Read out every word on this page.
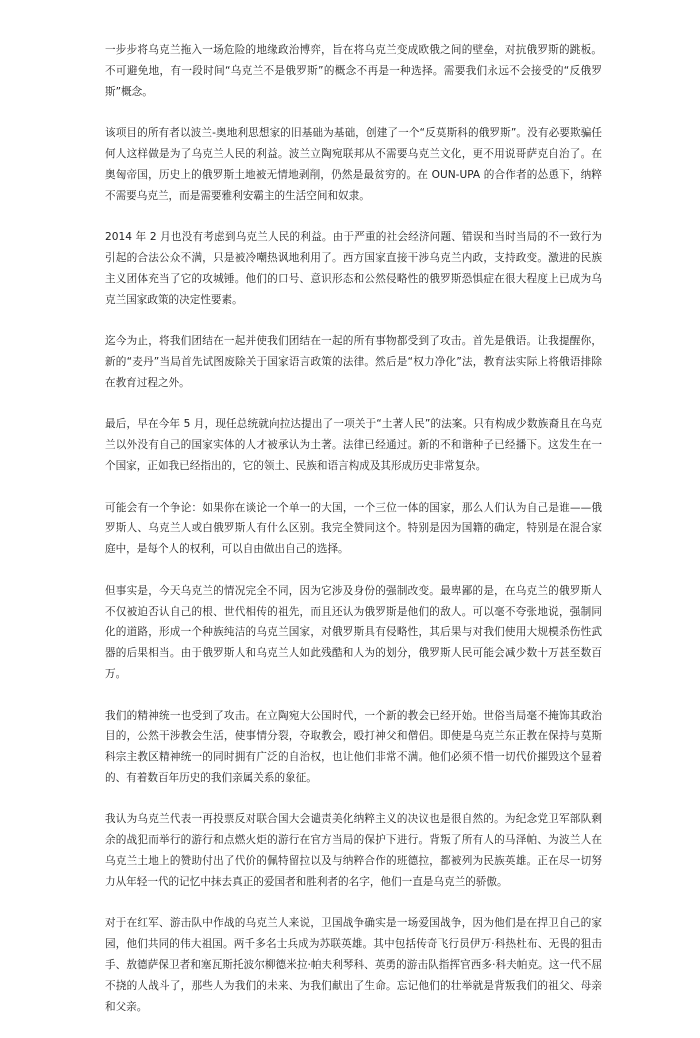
一步步将乌克兰拖入一场危险的地缘政治博弈，旨在将乌克兰变成欧俄之间的壁垒，对抗俄罗斯的跳板。不可避免地，有一段时间“乌克兰不是俄罗斯”的概念不再是一种选择。需要我们永远不会接受的“反俄罗斯”概念。

该项目的所有者以波兰-奥地利思想家的旧基础为基础，创建了一个“反莫斯科的俄罗斯”。没有必要欺骗任何人这样做是为了乌克兰人民的利益。波兰立陶宛联邦从不需要乌克兰文化，更不用说哥萨克自治了。在奥匈帝国，历史上的俄罗斯土地被无情地剥削，仍然是最贫穷的。在 OUN-UPA 的合作者的怂恿下，纳粹不需要乌克兰，而是需要雅利安霸主的生活空间和奴隶。

2014 年 2 月也没有考虑到乌克兰人民的利益。由于严重的社会经济问题、错误和当时当局的不一致行为引起的合法公众不满，只是被冷嘲热讽地利用了。西方国家直接干涉乌克兰内政，支持政变。激进的民族主义团体充当了它的攻城锤。他们的口号、意识形态和公然侵略性的俄罗斯恐惧症在很大程度上已成为乌克兰国家政策的决定性要素。

迄今为止，将我们团结在一起并使我们团结在一起的所有事物都受到了攻击。首先是俄语。让我提醒你，新的“麦丹”当局首先试图废除关于国家语言政策的法律。然后是“权力净化”法，教育法实际上将俄语排除在教育过程之外。

最后，早在今年 5 月，现任总统就向拉达提出了一项关于“土著人民”的法案。只有构成少数族裔且在乌克兰以外没有自己的国家实体的人才被承认为土著。法律已经通过。新的不和谐种子已经播下。这发生在一个国家，正如我已经指出的，它的领土、民族和语言构成及其形成历史非常复杂。

可能会有一个争论：如果你在谈论一个单一的大国，一个三位一体的国家，那么人们认为自己是谁——俄罗斯人、乌克兰人或白俄罗斯人有什么区别。我完全赞同这个。特别是因为国籍的确定，特别是在混合家庭中，是每个人的权利，可以自由做出自己的选择。

但事实是，今天乌克兰的情况完全不同，因为它涉及身份的强制改变。最卑鄙的是，在乌克兰的俄罗斯人不仅被迫否认自己的根、世代相传的祖先，而且还认为俄罗斯是他们的敌人。可以毫不夸张地说，强制同化的道路，形成一个种族纯洁的乌克兰国家，对俄罗斯具有侵略性，其后果与对我们使用大规模杀伤性武器的后果相当。由于俄罗斯人和乌克兰人如此残酷和人为的划分，俄罗斯人民可能会减少数十万甚至数百万。

我们的精神统一也受到了攻击。在立陶宛大公国时代，一个新的教会已经开始。世俗当局毫不掩饰其政治目的，公然干涉教会生活，使事情分裂，夺取教会，殴打神父和僧侣。即使是乌克兰东正教在保持与莫斯科宗主教区精神统一的同时拥有广泛的自治权，也让他们非常不满。他们必须不惜一切代价摧毁这个显着的、有着数百年历史的我们亲属关系的象征。

我认为乌克兰代表一再投票反对联合国大会谴责美化纳粹主义的决议也是很自然的。为纪念党卫军部队剩余的战犯而举行的游行和点燃火炬的游行在官方当局的保护下进行。背叛了所有人的马泽帕、为波兰人在乌克兰土地上的赞助付出了代价的佩特留拉以及与纳粹合作的班德拉，都被列为民族英雄。正在尽一切努力从年轻一代的记忆中抹去真正的爱国者和胜利者的名字，他们一直是乌克兰的骄傲。

对于在红军、游击队中作战的乌克兰人来说，卫国战争确实是一场爱国战争，因为他们是在捍卫自己的家园，他们共同的伟大祖国。两千多名士兵成为苏联英雄。其中包括传奇飞行员伊万·科热杜布、无畏的狙击手、敖德萨保卫者和塞瓦斯托波尔柳德米拉·帕夫利琴科、英勇的游击队指挥官西多·科夫帕克。这一代不屈不挠的人战斗了，那些人为我们的未来、为我们献出了生命。忘记他们的壮举就是背叛我们的祖父、母亲和父亲。
